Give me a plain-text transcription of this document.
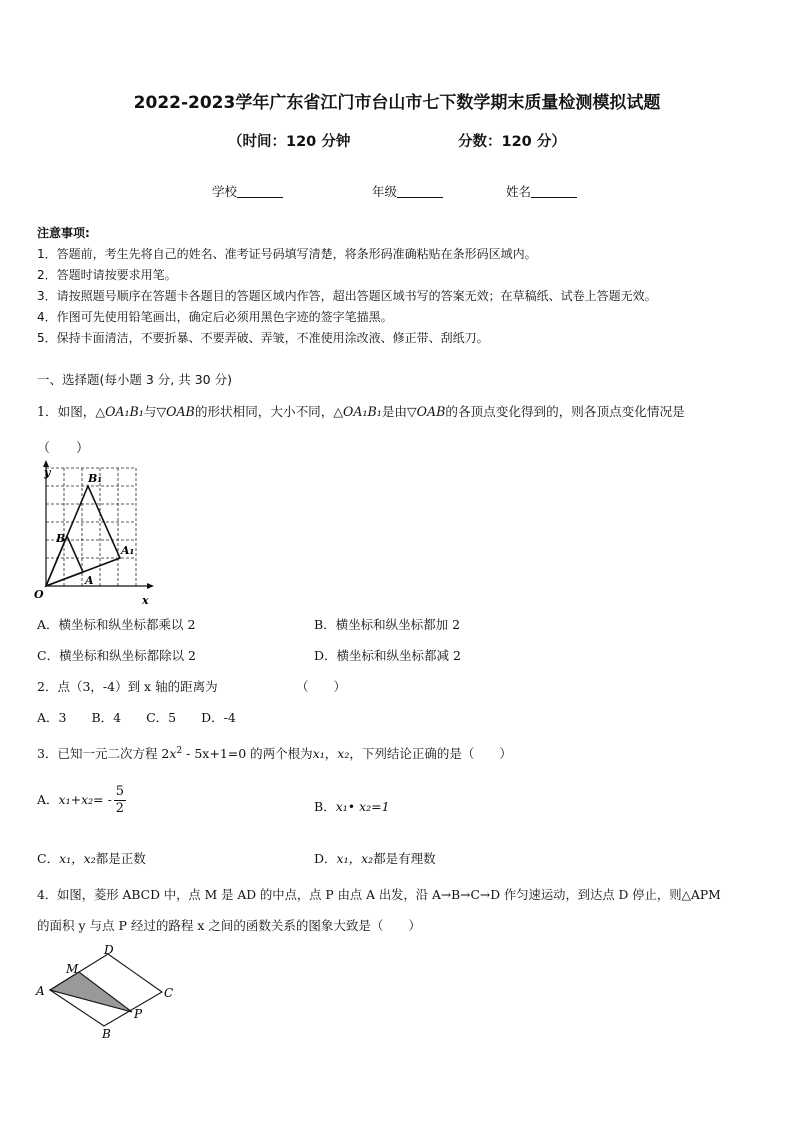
2022-2023学年广东省江门市台山市七下数学期末质量检测模拟试题
（时间：120 分钟	分数：120 分）
学校	年级	姓名
注意事项:
1．答题前，考生先将自己的姓名、准考证号码填写清楚，将条形码准确粘贴在条形码区域内。
2．答题时请按要求用笔。
3．请按照题号顺序在答题卡各题目的答题区域内作答，超出答题区域书写的答案无效；在草稿纸、试卷上答题无效。
4．作图可先使用铅笔画出，确定后必须用黑色字迹的签字笔描黑。
5．保持卡面清洁，不要折暴、不要弄破、弄皱，不准使用涂改液、修正带、刮纸刀。
一、选择题(每小题 3 分, 共 30 分)
1．如图，△OA₁B₁与▽OAB的形状相同，大小不同，△OA₁B₁是由▽OAB的各顶点变化得到的，则各顶点变化情况是
（　　）
y
x
O
B₁
B
A₁
A
A．横坐标和纵坐标都乘以 2	B．横坐标和纵坐标都加 2
C．横坐标和纵坐标都除以 2	D．横坐标和纵坐标都减 2
2．点（3，-4）到 x 轴的距离为	（　　）
A．3　　B．4　　C．5　　D．-4
3．已知一元二次方程 $2x^2 - 5x+1=0$ 的两个根为x₁，x₂，下列结论正确的是（　　）
A．$x_1+x_2= - \frac{5}{2}$	B．x₁• x₂=1
C．x₁，x₂都是正数	D．x₁，x₂都是有理数
4．如图，菱形 ABCD 中，点 M 是 AD 的中点，点 P 由点 A 出发，沿 A→B→C→D 作匀速运动，到达点 D 停止，则△APM
的面积 y 与点 P 经过的路程 x 之间的函数关系的图象大致是（　　）
A
B
C
D
M
P
